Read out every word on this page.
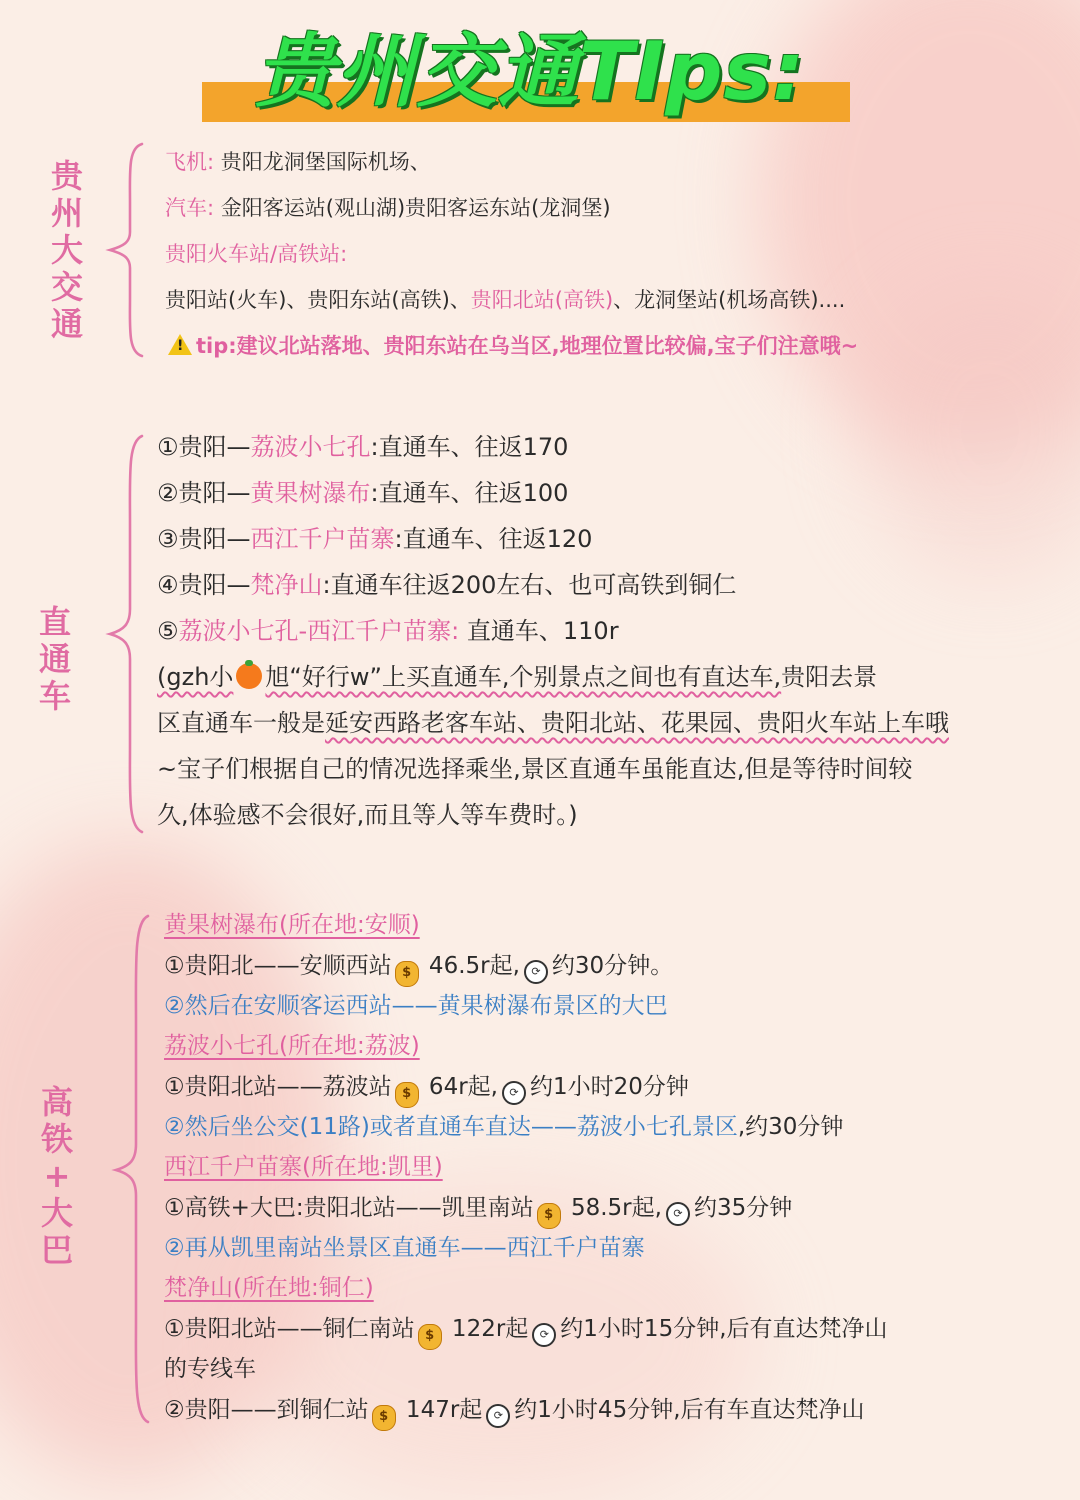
贵州交通TIps:
贵
州
大
交
通
飞机: 贵阳龙洞堡国际机场、
汽车: 金阳客运站(观山湖)贵阳客运东站(龙洞堡)
贵阳火车站/高铁站:
贵阳站(火车)、贵阳东站(高铁)、贵阳北站(高铁)、龙洞堡站(机场高铁)....
!tip:建议北站落地、贵阳东站在乌当区,地理位置比较偏,宝子们注意哦~
直
通
车
①贵阳—荔波小七孔:直通车、往返170
②贵阳—黄果树瀑布:直通车、往返100
③贵阳—西江千户苗寨:直通车、往返120
④贵阳—梵净山:直通车往返200左右、也可高铁到铜仁
⑤荔波小七孔-西江千户苗寨: 直通车、110r
(gzh小 旭“好行w”上买直通车,个别景点之间也有直达车,贵阳去景
区直通车一般是延安西路老客车站、贵阳北站、花果园、贵阳火车站上车哦
~宝子们根据自己的情况选择乘坐,景区直通车虽能直达,但是等待时间较
久,体验感不会很好,而且等人等车费时。)
高
铁
+
大
巴
黄果树瀑布(所在地:安顺)
①贵阳北——安顺西站 $ 46.5r起, ⟳ 约30分钟。
②然后在安顺客运西站——黄果树瀑布景区的大巴
荔波小七孔(所在地:荔波)
①贵阳北站——荔波站 $ 64r起, ⟳ 约1小时20分钟
②然后坐公交(11路)或者直通车直达——荔波小七孔景区,约30分钟
西江千户苗寨(所在地:凯里)
①高铁+大巴:贵阳北站——凯里南站 $ 58.5r起, ⟳ 约35分钟
②再从凯里南站坐景区直通车——西江千户苗寨
梵净山(所在地:铜仁)
①贵阳北站——铜仁南站 $ 122r起 ⟳ 约1小时15分钟,后有直达梵净山
的专线车
②贵阳——到铜仁站 $ 147r起 ⟳ 约1小时45分钟,后有车直达梵净山
